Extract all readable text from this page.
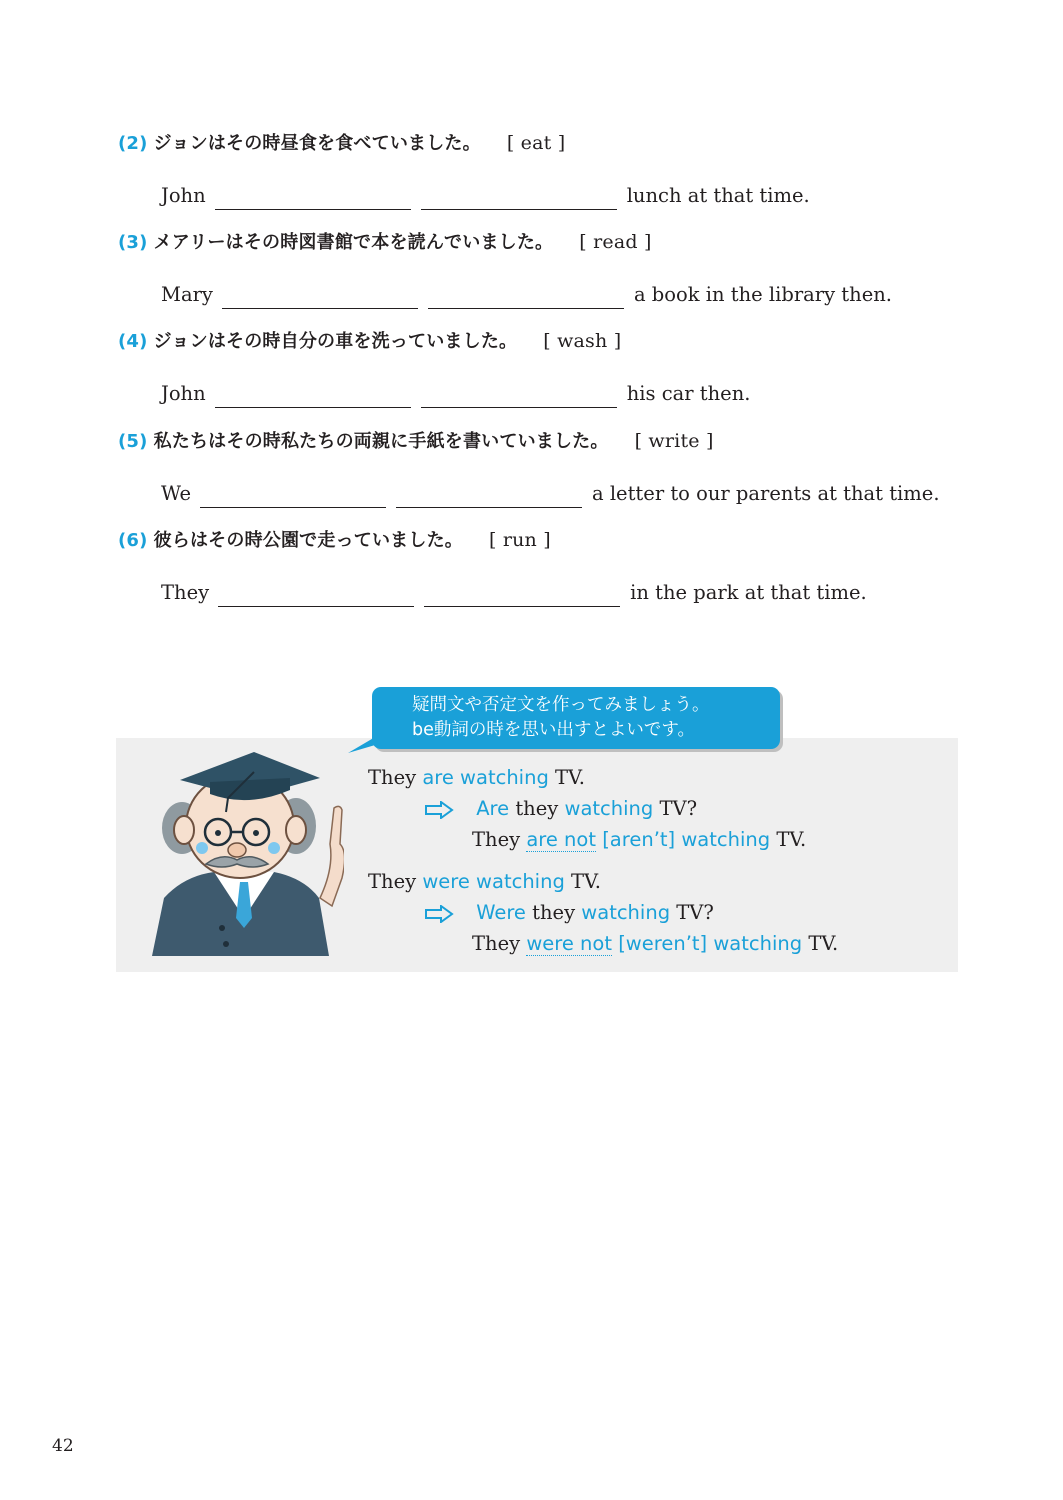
(2) ジョンはその時昼食を食べていました。 [ eat ]
John	lunch at that time.
(3) メアリーはその時図書館で本を読んでいました。 [ read ]
Mary	a book in the library then.
(4) ジョンはその時自分の車を洗っていました。 [ wash ]
John	his car then.
(5) 私たちはその時私たちの両親に手紙を書いていました。 [ write ]
We	a letter to our parents at that time.
(6) 彼らはその時公園で走っていました。 [ run ]
They	in the park at that time.
They are watching TV.
Are they watching TV?
They are not [aren’t] watching TV.
They were watching TV.
Were they watching TV?
They were not [weren’t] watching TV.
疑問文や否定文を作ってみましょう。
be動詞の時を思い出すとよいです。
42
